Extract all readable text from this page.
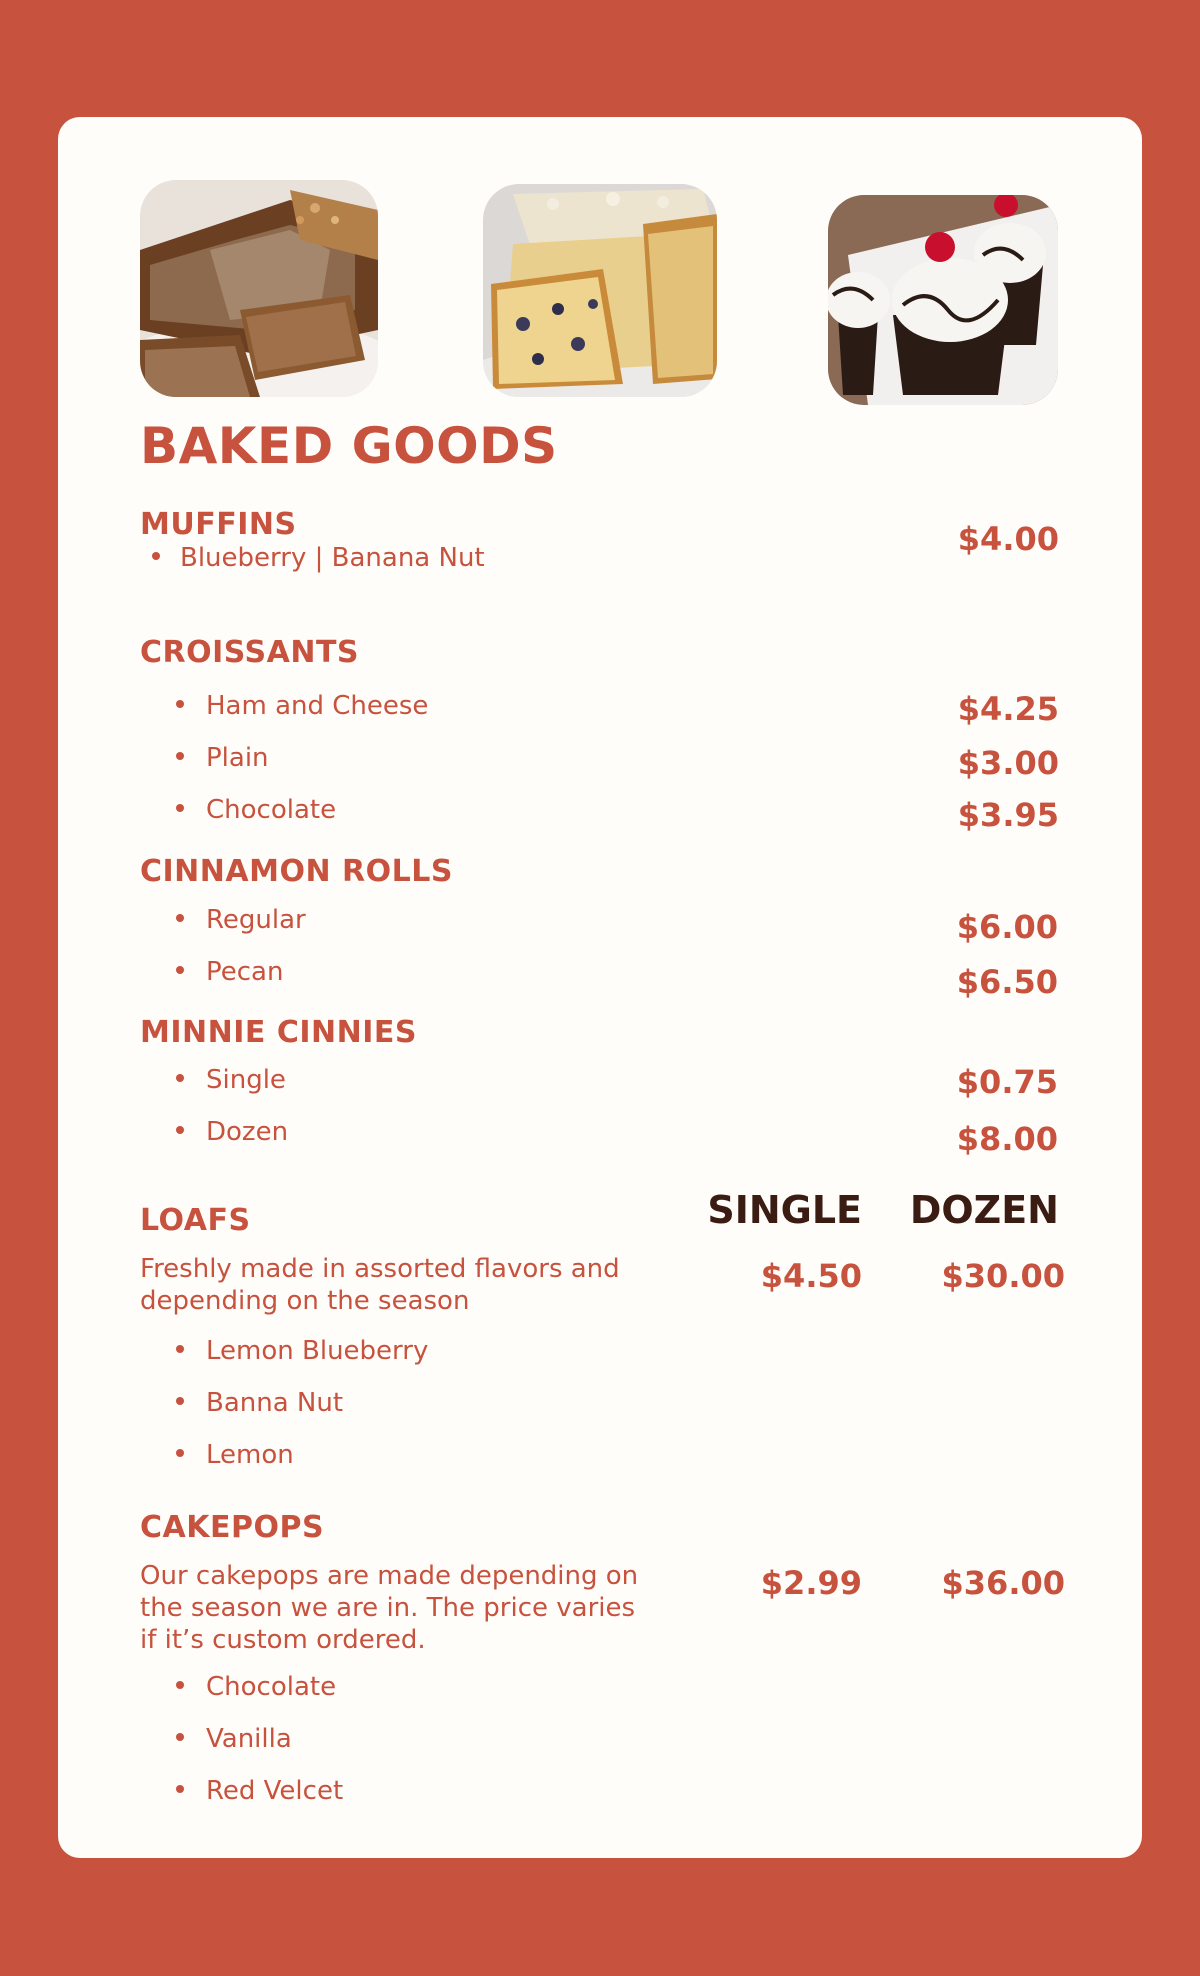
BAKED GOODS
MUFFINS
Blueberry | Banana Nut	$4.00
CROISSANTS
Ham and Cheese	$4.25
Plain	$3.00
Chocolate	$3.95
CINNAMON ROLLS
Regular	$6.00
Pecan	$6.50
MINNIE CINNIES
Single	$0.75
Dozen	$8.00
SINGLE DOZEN
LOAFS
Freshly made in assorted flavors and depending on the season
$4.50 $30.00
Lemon Blueberry
Banna Nut
Lemon
CAKEPOPS
Our cakepops are made depending on the season we are in. The price varies if it’s custom ordered.
$2.99 $36.00
Chocolate
Vanilla
Red Velcet
